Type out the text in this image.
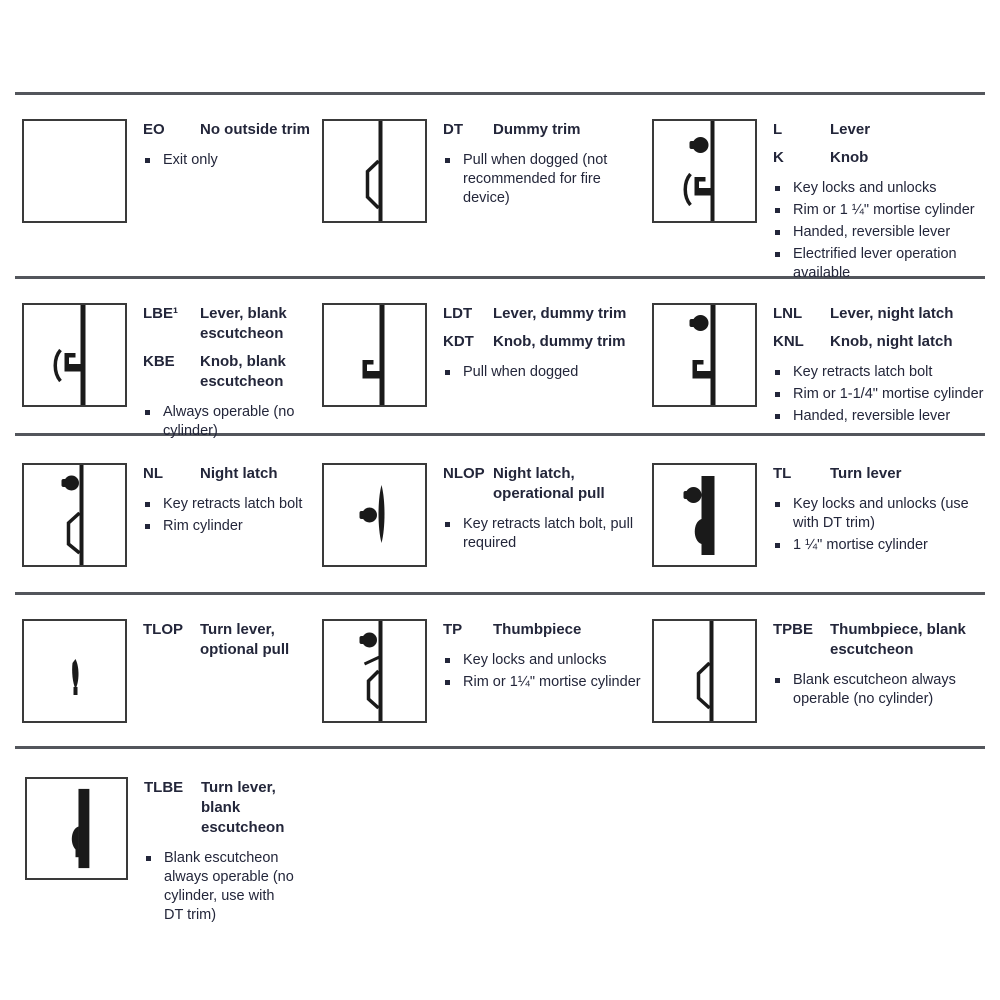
EO	No outside trim
Exit only
DT	Dummy trim
Pull when dogged (not recommended for fire device)
L	Lever
K	Knob
Key locks and unlocks
Rim or 1 ¼" mortise cylinder
Handed, reversible lever
Electrified lever operation available
LBE¹	Lever, blank escutcheon
KBE	Knob, blank escutcheon
Always operable (no cylinder)
LDT	Lever, dummy trim
KDT	Knob, dummy trim
Pull when dogged
LNL	Lever, night latch
KNL	Knob, night latch
Key retracts latch bolt
Rim or 1-1/4" mortise cylinder
Handed, reversible lever
NL	Night latch
Key retracts latch bolt
Rim cylinder
NLOP Night latch, operational pull
Key retracts latch bolt, pull required
TL	Turn lever
Key locks and unlocks (use with DT trim)
1 ¼" mortise cylinder
TLOP	Turn lever, optional pull
TP	Thumbpiece
Key locks and unlocks
Rim or 1¼" mortise cylinder
TPBE	Thumbpiece, blank escutcheon
Blank escutcheon always operable (no cylinder)
TLBE	Turn lever, blank escutcheon
Blank escutcheon always operable (no cylinder, use with DT trim)
